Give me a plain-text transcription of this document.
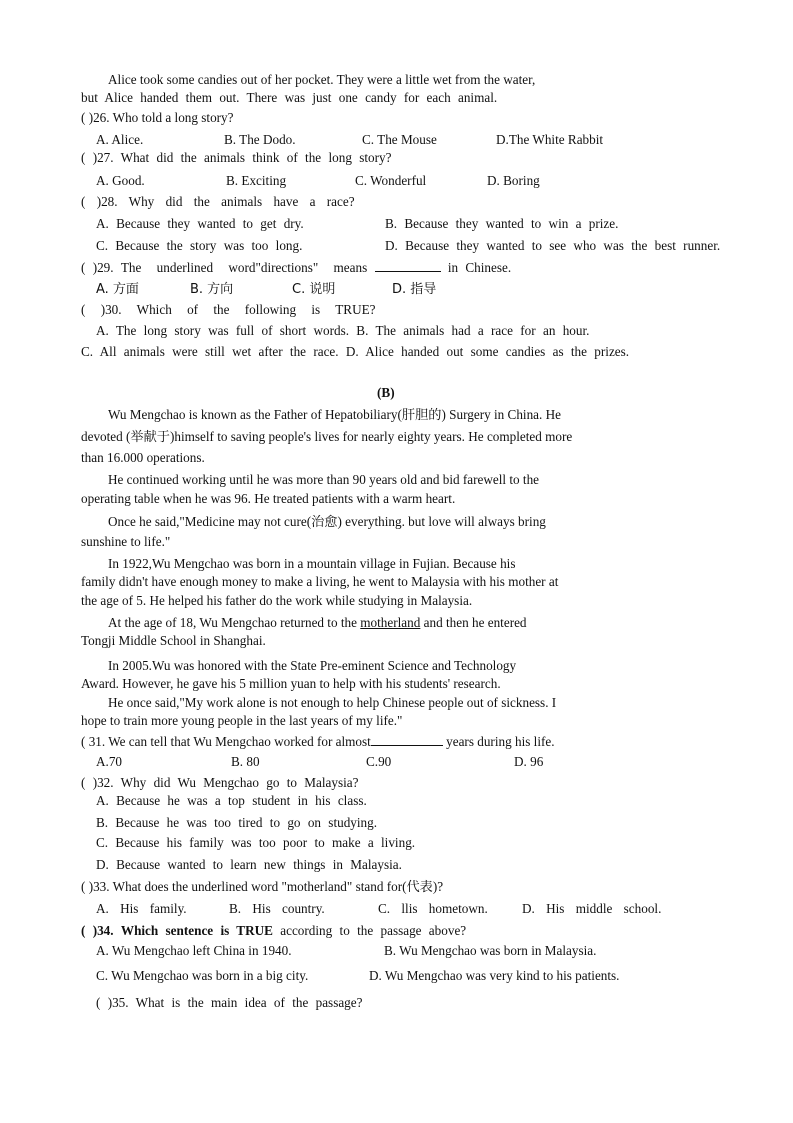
Alice took some candies out of her pocket. They were a little wet from the water,
but Alice handed them out. There was just one candy for each animal.
( )26. Who told a long story?
A. Alice.	B. The Dodo.	C. The Mouse	D.The White Rabbit
( )27. What did the animals think of the long story?
A. Good.	B. Exciting	C. Wonderful	D. Boring
( )28. Why did the animals have a race?
A. Because they wanted to get dry.	B. Because they wanted to win a prize.
C. Because the story was too long.	D. Because they wanted to see who was the best runner.
( )29. The underlined word"directions" means	in Chinese.
A. 方面	B. 方向	C. 说明	D. 指导
( )30. Which of the following is TRUE?
A. The long story was full of short words. B. The animals had a race for an hour.
C. All animals were still wet after the race. D. Alice handed out some candies as the prizes.
(B)
Wu Mengchao is known as the Father of Hepatobiliary(肝胆的) Surgery in China. He
devoted (举献于)himself to saving people's lives for nearly eighty years. He completed more
than 16.000 operations.
He continued working until he was more than 90 years old and bid farewell to the
operating table when he was 96. He treated patients with a warm heart.
Once he said,"Medicine may not cure(治愈) everything. but love will always bring
sunshine to life."
In 1922,Wu Mengchao was born in a mountain village in Fujian. Because his
family didn't have enough money to make a living, he went to Malaysia with his mother at
the age of 5. He helped his father do the work while studying in Malaysia.
At the age of 18, Wu Mengchao returned to the motherland and then he entered
Tongji Middle School in Shanghai.
In 2005.Wu was honored with the State Pre-eminent Science and Technology
Award. However, he gave his 5 million yuan to help with his students' research.
He once said,"My work alone is not enough to help Chinese people out of sickness. I
hope to train more young people in the last years of my life."
( 31. We can tell that Wu Mengchao worked for almost	years during his life.
A.70	B. 80	C.90	D. 96
( )32. Why did Wu Mengchao go to Malaysia?
A. Because he was a top student in his class.
B. Because he was too tired to go on studying.
C. Because his family was too poor to make a living.
D. Because wanted to learn new things in Malaysia.
( )33. What does the underlined word "motherland" stand for(代表)?
A. His family.	B. His country.	C. llis hometown.	D. His middle school.
( )34. Which sentence is TRUE according to the passage above?
A. Wu Mengchao left China in 1940.	B. Wu Mengchao was born in Malaysia.
C. Wu Mengchao was born in a big city.	D. Wu Mengchao was very kind to his patients.
( )35. What is the main idea of the passage?
